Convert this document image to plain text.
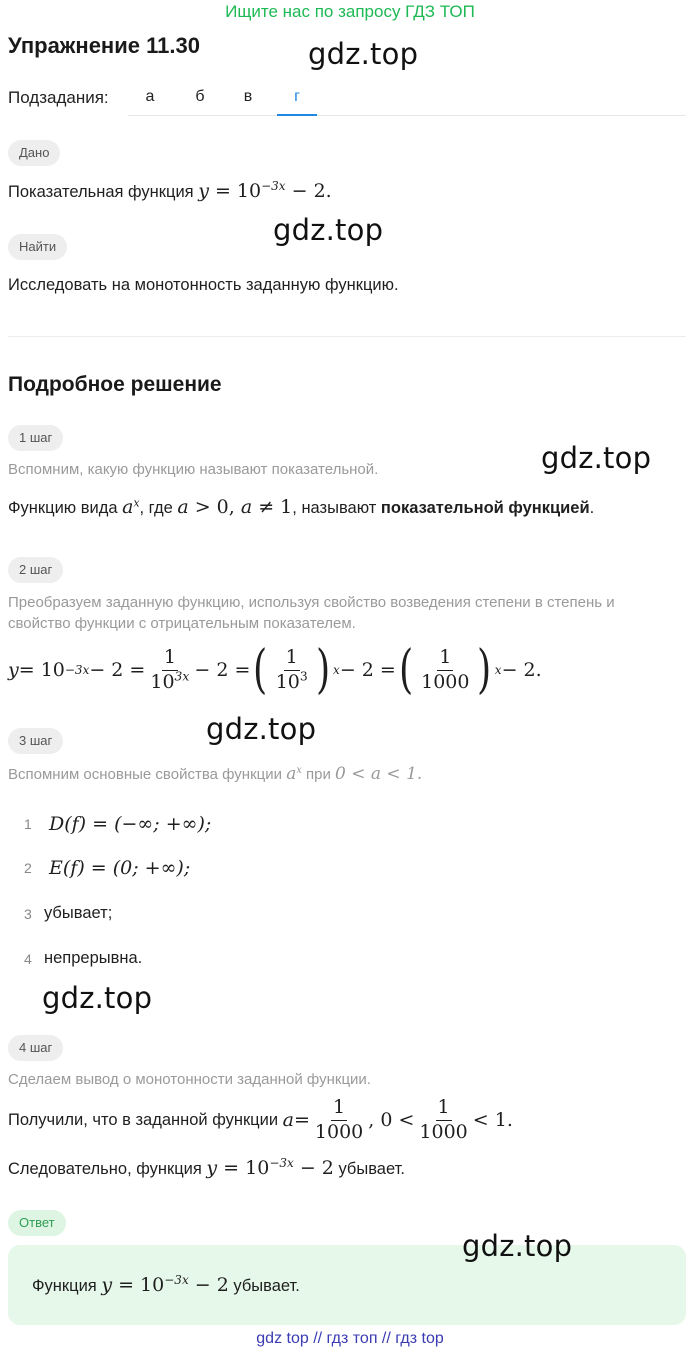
Ищите нас по запросу ГДЗ ТОП
Упражнение 11.30	gdz.top
Подзадания:	а	б	в	г
Дано
Показательная функция $y = 10^{-3x} - 2$.
gdz.top
Найти
Исследовать на монотонность заданную функцию.
Подробное решение
1 шаг
Вспомним, какую функцию называют показательной.	gdz.top
Функцию вида $a^x$, где a > 0, a ≠ 1, называют показательной функцией.
2 шаг
Преобразуем заданную функцию, используя свойство возведения степени в степень и
свойство функции с отрицательным показателем.
$y = 10 -3x - 2 = \frac{1}{10^{3x}} - 2$ = ( $\frac{1}{10^3}$ ) x − 2 = ( $\frac{1}{1000}$ ) x − 2.
gdz.top
3 шаг
Вспомним основные свойства функции $a^x$ при 0 < a < 1.
1 D(f) = (−∞; +∞);
2 E(f) = (0; +∞);
3 убывает;
4 непрерывна.
gdz.top
4 шаг
Сделаем вывод о монотонности заданной функции.
Получили, что в заданной функции
$a = \frac{1}{1000}$ , $0 < \frac{1}{1000} < 1$.
Следовательно, функция $y = 10^{-3x} - 2$ убывает.
Ответ
Функция $y = 10^{-3x} - 2$ убывает.
gdz.top
gdz top // гдз топ // гдз top
